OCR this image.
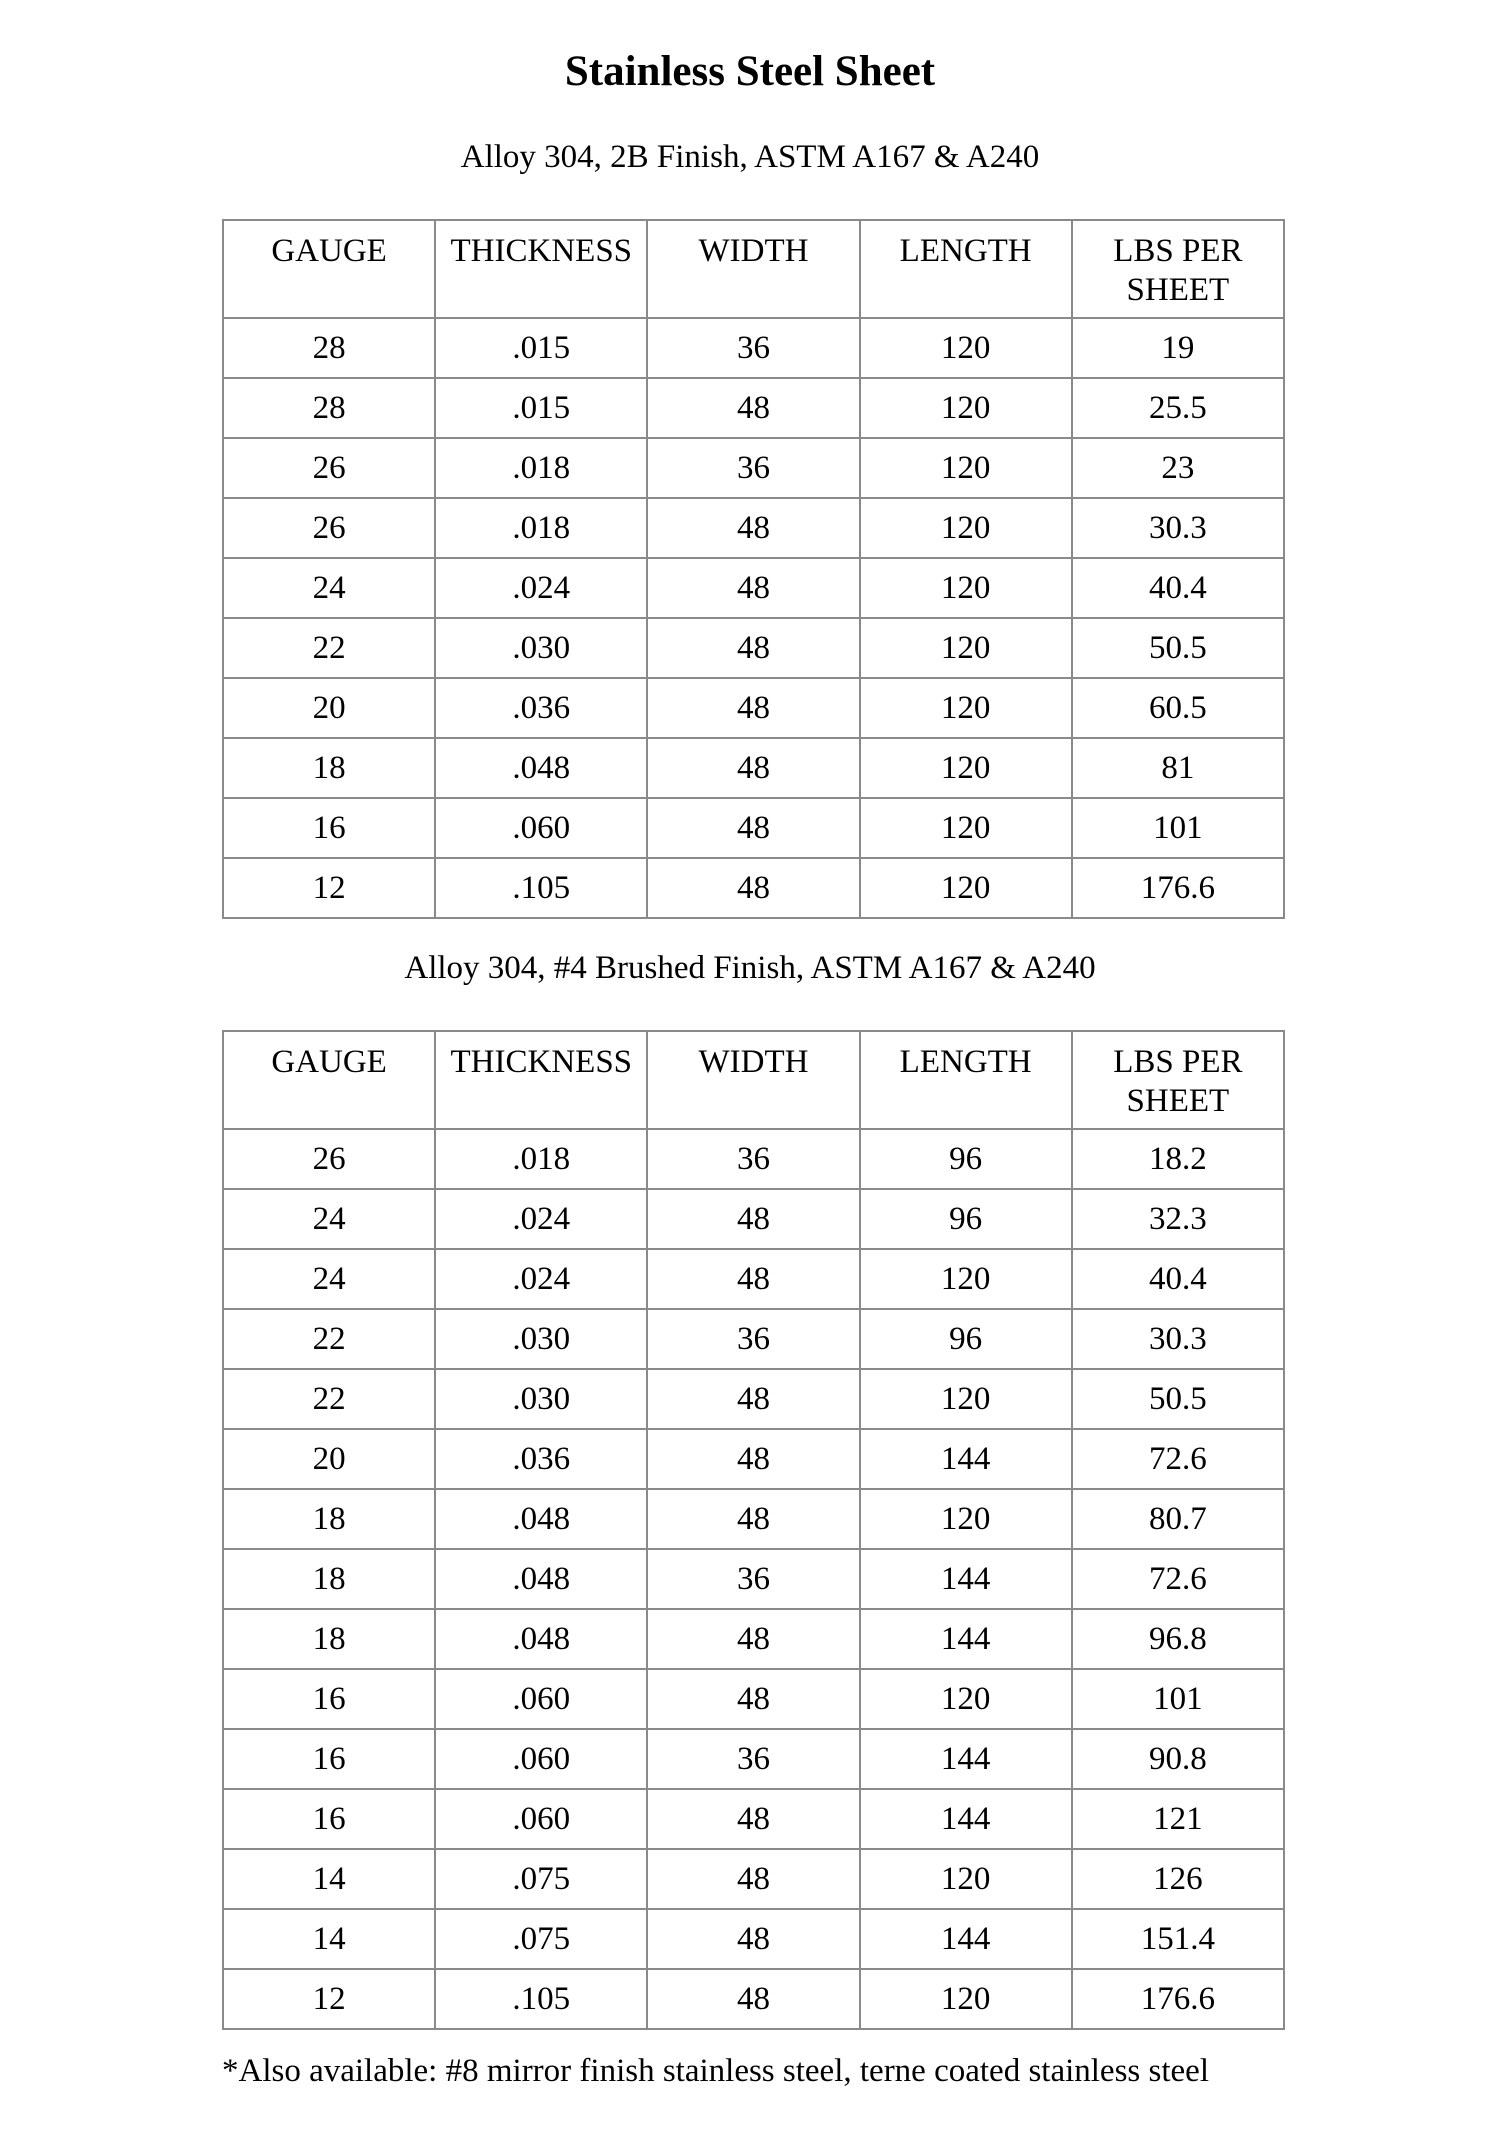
Stainless Steel Sheet
Alloy 304, 2B Finish, ASTM A167 & A240
GAUGE	THICKNESS	WIDTH	LENGTH	LBS PER
SHEET
28	.015	36	120	19
28	.015	48	120	25.5
26	.018	36	120	23
26	.018	48	120	30.3
24	.024	48	120	40.4
22	.030	48	120	50.5
20	.036	48	120	60.5
18	.048	48	120	81
16	.060	48	120	101
12	.105	48	120	176.6
Alloy 304, #4 Brushed Finish, ASTM A167 & A240
GAUGE	THICKNESS	WIDTH	LENGTH	LBS PER
SHEET
26	.018	36	96	18.2
24	.024	48	96	32.3
24	.024	48	120	40.4
22	.030	36	96	30.3
22	.030	48	120	50.5
20	.036	48	144	72.6
18	.048	48	120	80.7
18	.048	36	144	72.6
18	.048	48	144	96.8
16	.060	48	120	101
16	.060	36	144	90.8
16	.060	48	144	121
14	.075	48	120	126
14	.075	48	144	151.4
12	.105	48	120	176.6
*Also available: #8 mirror finish stainless steel, terne coated stainless steel
